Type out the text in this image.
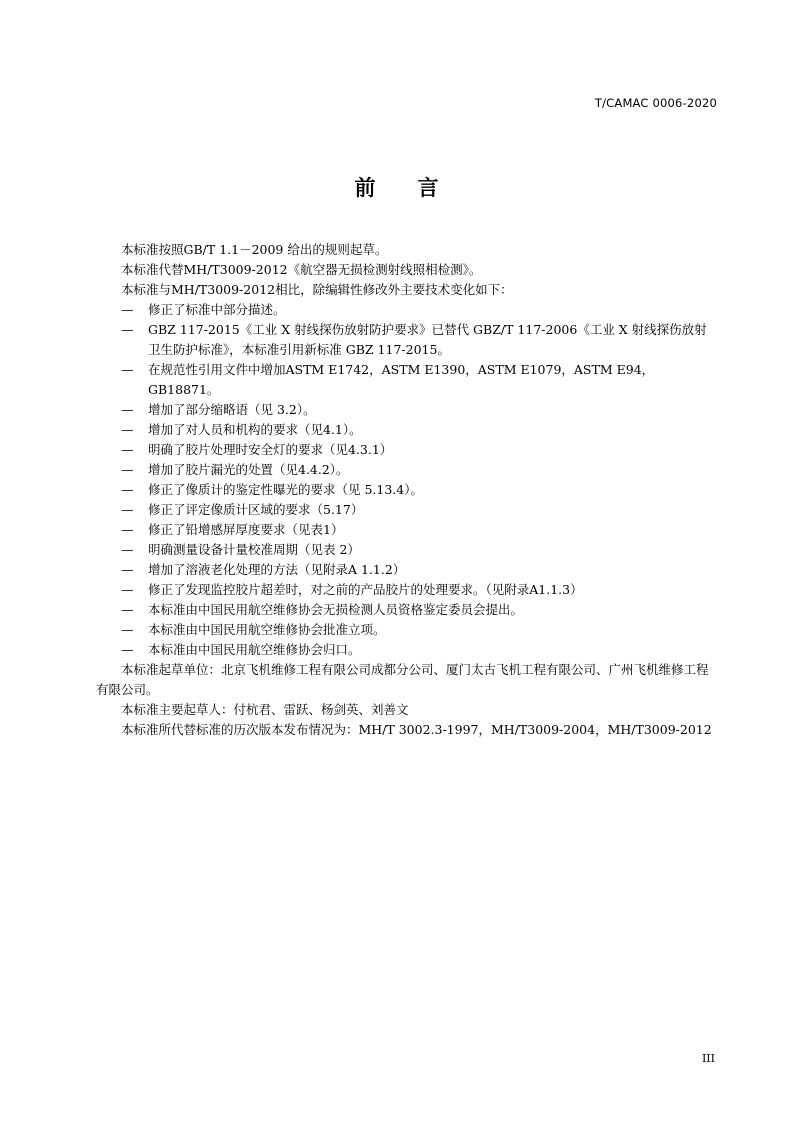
T/CAMAC 0006-2020
前　　言

本标准按照GB/T 1.1－2009 给出的规则起草。

本标准代替MH/T3009-2012《航空器无损检测射线照相检测》。

本标准与MH/T3009-2012相比，除编辑性修改外主要技术变化如下：

— 修正了标准中部分描述。

— GBZ 117-2015《工业 X 射线探伤放射防护要求》已替代 GBZ/T 117-2006《工业 X 射线探伤放射卫生防护标准》，本标准引用新标准 GBZ 117-2015。

— 在规范性引用文件中增加ASTM E1742，ASTM E1390，ASTM E1079，ASTM E94，GB18871。

— 增加了部分缩略语（见 3.2）。

— 增加了对人员和机构的要求（见4.1）。

— 明确了胶片处理时安全灯的要求（见4.3.1）

— 增加了胶片漏光的处置（见4.4.2）。

— 修正了像质计的鉴定性曝光的要求（见 5.13.4）。

— 修正了评定像质计区域的要求（5.17）

— 修正了铅增感屏厚度要求（见表1）

— 明确测量设备计量校准周期（见表 2）

— 增加了溶液老化处理的方法（见附录A 1.1.2）

— 修正了发现监控胶片超差时，对之前的产品胶片的处理要求。（见附录A1.1.3）

— 本标准由中国民用航空维修协会无损检测人员资格鉴定委员会提出。

— 本标准由中国民用航空维修协会批准立项。

— 本标准由中国民用航空维修协会归口。

本标准起草单位：北京飞机维修工程有限公司成都分公司、厦门太古飞机工程有限公司、广州飞机维修工程有限公司。

本标准主要起草人：付杭君、雷跃、杨剑英、刘善文

本标准所代替标准的历次版本发布情况为：MH/T 3002.3-1997，MH/T3009-2004，MH/T3009-2012

III
